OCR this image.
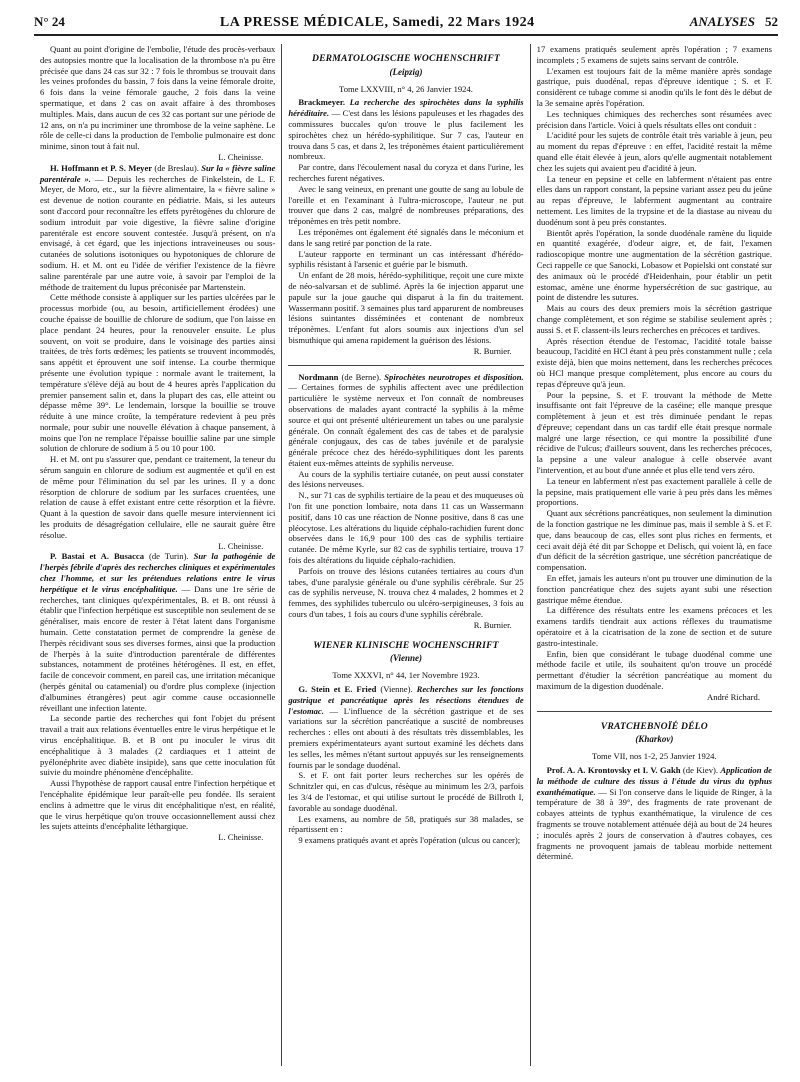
N° 24	LA PRESSE MÉDICALE, Samedi, 22 Mars 1924	ANALYSES 52

Quant au point d'origine de l'embolie, l'étude des procès-verbaux des autopsies montre que la localisation de la thrombose n'a pu être précisée que dans 24 cas sur 32 : 7 fois le thrombus se trouvait dans les veines profondes du bassin, 7 fois dans la veine fémorale droite, 6 fois dans la veine fémorale gauche, 2 fois dans la veine spermatique, et dans 2 cas on avait affaire à des thromboses multiples. Mais, dans aucun de ces 32 cas portant sur une période de 12 ans, on n'a pu incriminer une thrombose de la veine saphène. Le rôle de celle-ci dans la production de l'embolie pulmonaire est donc minime, sinon tout à fait nul.

L. Cheinisse.

H. Hoffmann et P. S. Meyer (de Breslau). Sur la « fièvre saline parentérale ». — Depuis les recherches de Finkelstein, de L. F. Meyer, de Moro, etc., sur la fièvre alimentaire, la « fièvre saline » est devenue de notion courante en pédiatrie. Mais, si les auteurs sont d'accord pour reconnaître les effets pyrétogènes du chlorure de sodium introduit par voie digestive, la fièvre saline d'origine parentérale est encore souvent contestée. Jusqu'à présent, on n'a envisagé, à cet égard, que les injections intraveineuses ou sous-cutanées de solutions isotoniques ou hypotoniques de chlorure de sodium. H. et M. ont eu l'idée de vérifier l'existence de la fièvre saline parentérale par une autre voie, à savoir par l'emploi de la méthode de traitement du lupus préconisée par Martenstein.

Cette méthode consiste à appliquer sur les parties ulcérées par le processus morbide (ou, au besoin, artificiellement érodées) une couche épaisse de bouillie de chlorure de sodium, que l'on laisse en place pendant 24 heures, pour la renouveler ensuite. Le plus souvent, on voit se produire, dans le voisinage des parties ainsi traitées, de très forts œdèmes; les patients se trouvent incommodés, sans appétit et éprouvent une soif intense. La courbe thermique présente une évolution typique : normale avant le traitement, la température s'élève déjà au bout de 4 heures après l'application du premier pansement salin et, dans la plupart des cas, elle atteint ou dépasse même 39°. Le lendemain, lorsque la bouillie se trouve réduite à une mince croûte, la température redevient à peu près normale, pour subir une nouvelle élévation à chaque pansement, à moins que l'on ne remplace l'épaisse bouillie saline par une simple solution de chlorure de sodium à 5 ou 10 pour 100.

H. et M. ont pu s'assurer que, pendant ce traitement, la teneur du sérum sanguin en chlorure de sodium est augmentée et qu'il en est de même pour l'élimination du sel par les urines. Il y a donc résorption de chlorure de sodium par les surfaces cruentées, une relation de cause à effet existant entre cette résorption et la fièvre. Quant à la question de savoir dans quelle mesure interviennent ici les produits de désagrégation cellulaire, elle ne saurait guère être résolue.

L. Cheinisse.

P. Bastai et A. Busacca (de Turin). Sur la pathogénie de l'herpès fébrile d'après des recherches cliniques et expérimentales chez l'homme, et sur les prétendues relations entre le virus herpétique et le virus encéphalitique. — Dans une 1re série de recherches, tant cliniques qu'expérimentales, B. et B. ont réussi à établir que l'infection herpétique est susceptible non seulement de se généraliser, mais encore de rester à l'état latent dans l'organisme humain. Cette constatation permet de comprendre la genèse de l'herpès récidivant sous ses diverses formes, ainsi que la production de l'herpès à la suite d'introduction parentérale de différentes substances, notamment de protéines hétérogènes. Il est, en effet, facile de concevoir comment, en pareil cas, une irritation mécanique (herpès génital ou catamenial) ou d'ordre plus complexe (injection d'albumines étrangères) peut agir comme cause occasionnelle réveillant une infection latente.

La seconde partie des recherches qui font l'objet du présent travail a trait aux relations éventuelles entre le virus herpétique et le virus encéphalitique. B. et B ont pu inoculer le virus dit encéphalitique à 3 malades (2 cardiaques et 1 atteint de pyélonéphrite avec diabète insipide), sans que cette inoculation fût suivie du moindre phénomène d'encéphalite.

Aussi l'hypothèse de rapport causal entre l'infection herpétique et l'encéphalite épidémique leur paraît-elle peu fondée. Ils seraient enclins à admettre que le virus dit encéphalitique n'est, en réalité, que le virus herpétique qu'on trouve occasionnellement aussi chez les sujets atteints d'encéphalite léthargique.

L. Cheinisse.
DERMATOLOGISCHE WOCHENSCHRIFT
(Leipzig)
Tome LXXVIII, n° 4, 26 Janvier 1924.

Brackmeyer. La recherche des spirochètes dans la syphilis héréditaire. — C'est dans les lésions papuleuses et les rhagades des commissures buccales qu'on trouve le plus facilement les spirochètes chez un hérédo-syphilitique. Sur 7 cas, l'auteur en trouva dans 5 cas, et dans 2, les tréponèmes étaient particulièrement nombreux.

Par contre, dans l'écoulement nasal du coryza et dans l'urine, les recherches furent négatives.

Avec le sang veineux, en prenant une goutte de sang au lobule de l'oreille et en l'examinant à l'ultra-microscope, l'auteur ne put trouver que dans 2 cas, malgré de nombreuses préparations, des tréponèmes en très petit nombre.

Les tréponèmes ont également été signalés dans le méconium et dans le sang retiré par ponction de la rate.

L'auteur rapporte en terminant un cas intéressant d'hérédo-syphilis résistant à l'arsenic et guérie par le bismuth.

Un enfant de 28 mois, hérédo-syphilitique, reçoit une cure mixte de néo-salvarsan et de sublimé. Après la 6e injection apparut une papule sur la joue gauche qui disparut à la fin du traitement. Wassermann positif. 3 semaines plus tard apparurent de nombreuses lésions suintantes disséminées et contenant de nombreux tréponèmes. L'enfant fut alors soumis aux injections d'un sel bismuthique qui amena rapidement la guérison des lésions.

R. Burnier.

Nordmann (de Berne). Spirochètes neurotropes et disposition. — Certaines formes de syphilis affectent avec une prédilection particulière le système nerveux et l'on connaît de nombreuses observations de malades ayant contracté la syphilis à la même source et qui ont présenté ultérieurement un tabes ou une paralysie générale. On connaît également des cas de tabes et de paralysie générale conjugaux, des cas de tabes juvénile et de paralysie générale précoce chez des hérédo-syphilitiques dont les parents étaient eux-mêmes atteints de syphilis nerveuse.

Au cours de la syphilis tertiaire cutanée, on peut aussi constater des lésions nerveuses.

N., sur 71 cas de syphilis tertiaire de la peau et des muqueuses où l'on fit une ponction lombaire, nota dans 11 cas un Wassermann positif, dans 10 cas une réaction de Nonne positive, dans 8 cas une pléocytose. Les altérations du liquide céphalo-rachidien furent donc observées dans le 16,9 pour 100 des cas de syphilis tertiaire cutanée. De même Kyrle, sur 82 cas de syphilis tertiaire, trouva 17 fois des altérations du liquide céphalo-rachidien.

Parfois on trouve des lésions cutanées tertiaires au cours d'un tabes, d'une paralysie générale ou d'une syphilis cérébrale. Sur 25 cas de syphilis nerveuse, N. trouva chez 4 malades, 2 hommes et 2 femmes, des syphilides tuberculo ou ulcéro-serpigineuses, 3 fois au cours d'un tabes, 1 fois au cours d'une syphilis cérébrale.

R. Burnier.
WIENER KLINISCHE WOCHENSCHRIFT
(Vienne)
Tome XXXVI, n° 44, 1er Novembre 1923.

G. Stein et E. Fried (Vienne). Recherches sur les fonctions gastrique et pancréatique après les résections étendues de l'estomac. — L'influence de la sécrétion gastrique et de ses variations sur la sécrétion pancréatique a suscité de nombreuses recherches : elles ont abouti à des résultats très dissemblables, les premiers expérimentateurs ayant surtout examiné les déchets dans les selles, les mêmes n'étant surtout appuyés sur les renseignements fournis par le sondage duodénal.

S. et F. ont fait porter leurs recherches sur les opérés de Schnitzler qui, en cas d'ulcus, résèque au minimum les 2/3, parfois les 3/4 de l'estomac, et qui utilise surtout le procédé de Billroth I, favorable au sondage duodénal.

Les examens, au nombre de 58, pratiqués sur 38 malades, se répartissent en :

9 examens pratiqués avant et après l'opération (ulcus ou cancer);

17 examens pratiqués seulement après l'opération ; 7 examens incomplets ; 5 examens de sujets sains servant de contrôle.

L'examen est toujours fait de la même manière après sondage gastrique, puis duodénal, repas d'épreuve identique ; S. et F. considèrent ce tubage comme si anodin qu'ils le font dès le début de la 3e semaine après l'opération.

Les techniques chimiques des recherches sont résumées avec précision dans l'article. Voici à quels résultats elles ont conduit :

L'acidité pour les sujets de contrôle était très variable à jeun, peu au moment du repas d'épreuve : en effet, l'acidité restait la même quand elle était élevée à jeun, alors qu'elle augmentait notablement chez les sujets qui avaient peu d'acidité à jeun.

La teneur en pepsine et celle en labferment n'étaient pas entre elles dans un rapport constant, la pepsine variant assez peu du jeûne au repas d'épreuve, le labferment augmentant au contraire nettement. Les limites de la trypsine et de la diastase au niveau du duodénum sont à peu près constantes.

Bientôt après l'opération, la sonde duodénale ramène du liquide en quantité exagérée, d'odeur aigre, et, de fait, l'examen radioscopique montre une augmentation de la sécrétion gastrique. Ceci rappelle ce que Sanocki, Lobasow et Popielski ont constaté sur des animaux où le procédé d'Heidenhain, pour établir un petit estomac, amène une énorme hypersécrétion de suc gastrique, au point de distendre les sutures.

Mais au cours des deux premiers mois la sécrétion gastrique change complètement, et son régime se stabilise seulement après ; aussi S. et F. classent-ils leurs recherches en précoces et tardives.

Après résection étendue de l'estomac, l'acidité totale baisse beaucoup, l'acidité en HCl étant à peu près constamment nulle ; cela existe déjà, bien que moins nettement, dans les recherches précoces où HCl manque presque complètement, plus encore au cours du repas d'épreuve qu'à jeun.

Pour la pepsine, S. et F. trouvant la méthode de Mette insuffisante ont fait l'épreuve de la caséine; elle manque presque complètement à jeun et est très diminuée pendant le repas d'épreuve; cependant dans un cas tardif elle était presque normale malgré une large résection, ce qui montre la possibilité d'une récidive de l'ulcus; d'ailleurs souvent, dans les recherches précoces, la pepsine a une valeur analogue à celle observée avant l'intervention, et au bout d'une année et plus elle tend vers zéro.

La teneur en labferment n'est pas exactement parallèle à celle de la pepsine, mais pratiquement elle varie à peu près dans les mêmes proportions.

Quant aux sécrétions pancréatiques, non seulement la diminution de la fonction gastrique ne les diminue pas, mais il semble à S. et F. que, dans beaucoup de cas, elles sont plus riches en ferments, et ceci avait déjà été dit par Schoppe et Delisch, qui voient là, en face d'un déficit de la sécrétion gastrique, une sécrétion pancréatique de compensation.

En effet, jamais les auteurs n'ont pu trouver une diminution de la fonction pancréatique chez des sujets ayant subi une résection gastrique même étendue.

La différence des résultats entre les examens précoces et les examens tardifs tiendrait aux actions réflexes du traumatisme opératoire et à la cicatrisation de la zone de section et de suture gastro-intestinale.

Enfin, bien que considérant le tubage duodénal comme une méthode facile et utile, ils souhaitent qu'on trouve un procédé permettant d'étudier la sécrétion pancréatique au moment du maximum de la digestion duodénale.

André Richard.
VRATCHEBNOÏÉ DÉLO
(Kharkov)
Tome VII, nos 1-2, 25 Janvier 1924.

Prof. A. A. Krontovsky et I. V. Gakh (de Kiev). Application de la méthode de culture des tissus à l'étude du virus du typhus exanthématique. — Si l'on conserve dans le liquide de Ringer, à la température de 38 à 39°, des fragments de rate provenant de cobayes atteints de typhus exanthématique, la virulence de ces fragments se trouve notablement atténuée déjà au bout de 24 heures ; inoculés après 2 jours de conservation à d'autres cobayes, ces fragments ne provoquent jamais de tableau morbide nettement déterminé.
